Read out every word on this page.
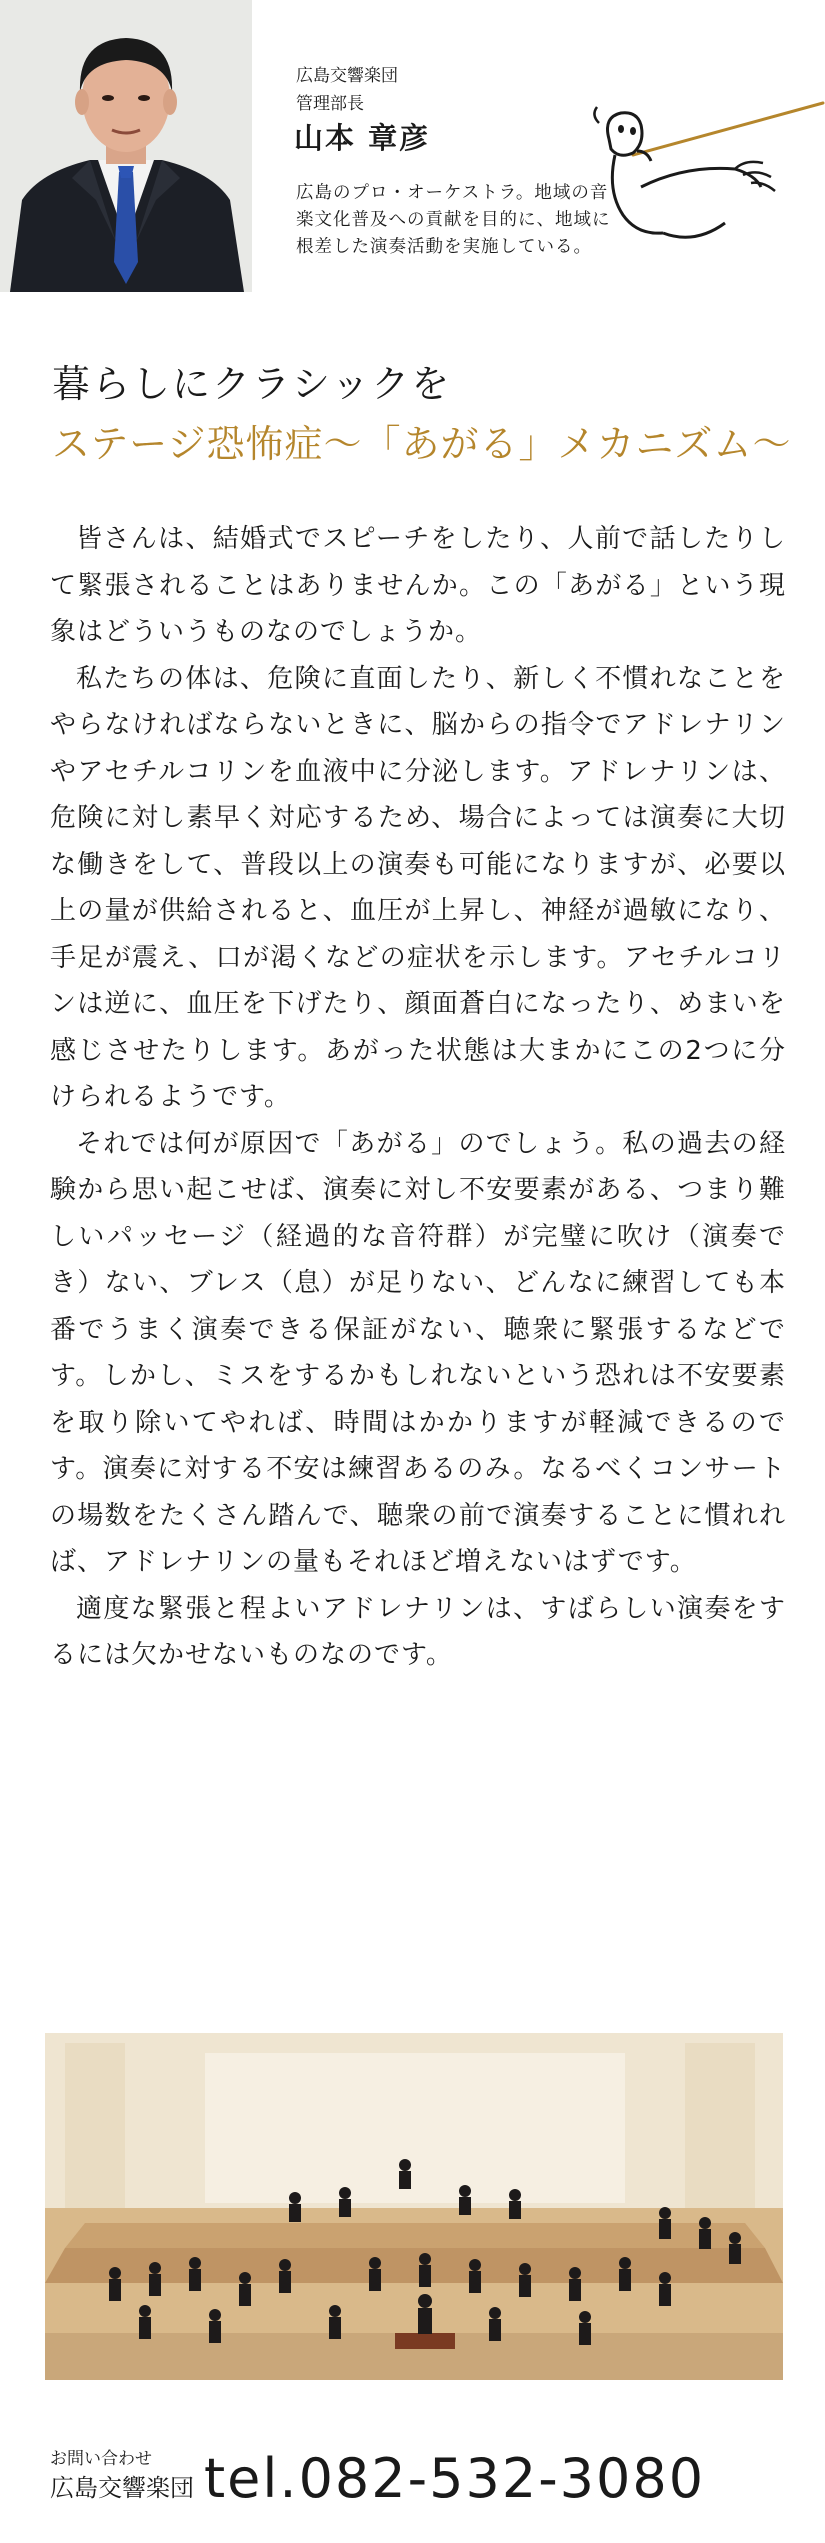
広島交響楽団
管理部長
山本 章彦
広島のプロ・オーケストラ。地域の音楽文化普及への貢献を目的に、地域に根差した演奏活動を実施している。
暮らしにクラシックを
ステージ恐怖症〜「あがる」メカニズム〜

皆さんは、結婚式でスピーチをしたり、人前で話したりして緊張されることはありませんか。この「あがる」という現象はどういうものなのでしょうか。

私たちの体は、危険に直面したり、新しく不慣れなことをやらなければならないときに、脳からの指令でアドレナリンやアセチルコリンを血液中に分泌します。アドレナリンは、危険に対し素早く対応するため、場合によっては演奏に大切な働きをして、普段以上の演奏も可能になりますが、必要以上の量が供給されると、血圧が上昇し、神経が過敏になり、手足が震え、口が渇くなどの症状を示します。アセチルコリンは逆に、血圧を下げたり、顔面蒼白になったり、めまいを感じさせたりします。あがった状態は大まかにこの2つに分けられるようです。

それでは何が原因で「あがる」のでしょう。私の過去の経験から思い起こせば、演奏に対し不安要素がある、つまり難しいパッセージ（経過的な音符群）が完璧に吹け（演奏でき）ない、ブレス（息）が足りない、どんなに練習しても本番でうまく演奏できる保証がない、聴衆に緊張するなどです。しかし、ミスをするかもしれないという恐れは不安要素を取り除いてやれば、時間はかかりますが軽減できるのです。演奏に対する不安は練習あるのみ。なるべくコンサートの場数をたくさん踏んで、聴衆の前で演奏することに慣れれば、アドレナリンの量もそれほど増えないはずです。

適度な緊張と程よいアドレナリンは、すばらしい演奏をするには欠かせないものなのです。

お問い合わせ
広島交響楽団 tel.082-532-3080
